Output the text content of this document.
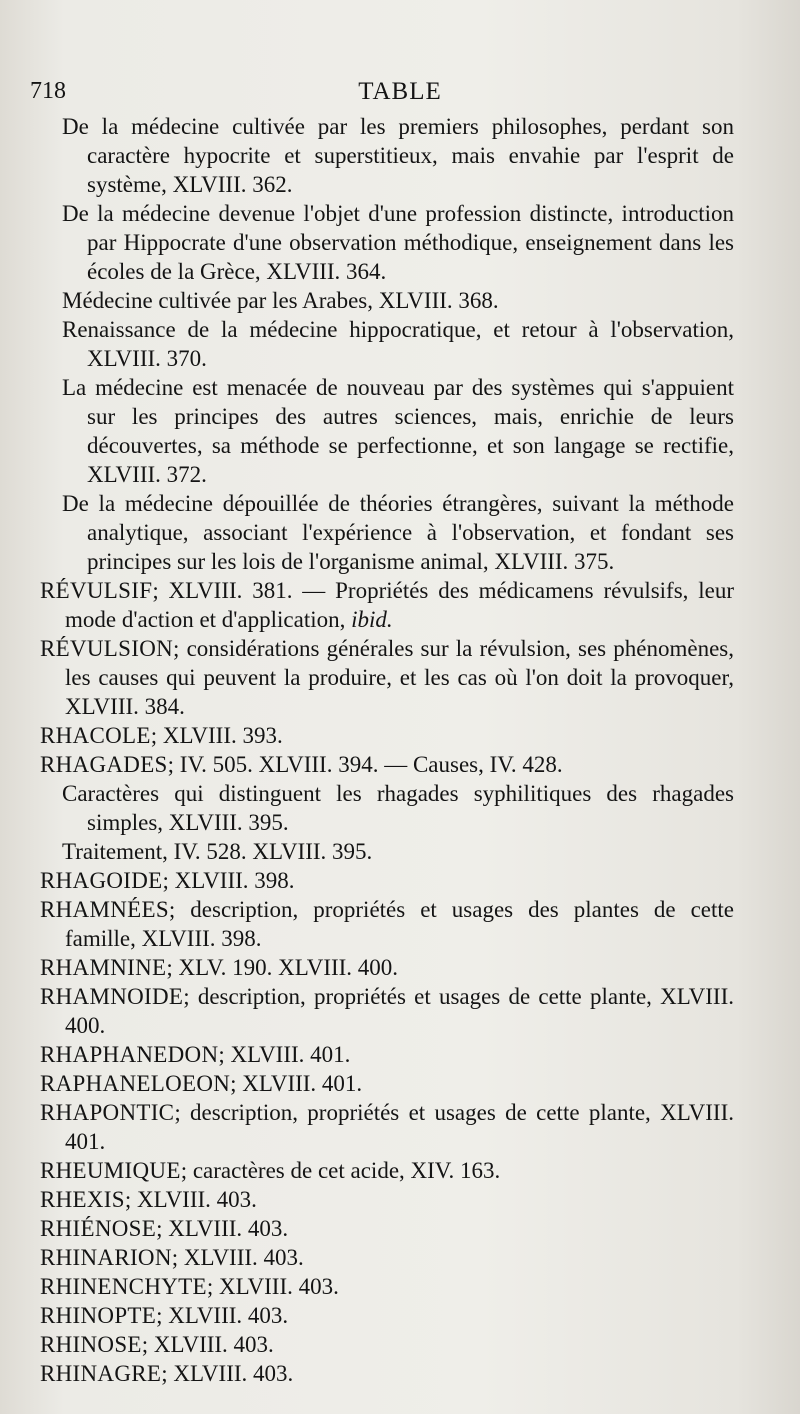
718	TABLE

De la médecine cultivée par les premiers philosophes, perdant son caractère hypocrite et superstitieux, mais envahie par l'esprit de système, XLVIII. 362.

De la médecine devenue l'objet d'une profession distincte, introduction par Hippocrate d'une observation méthodique, enseignement dans les écoles de la Grèce, XLVIII. 364.

Médecine cultivée par les Arabes, XLVIII. 368.

Renaissance de la médecine hippocratique, et retour à l'observation, XLVIII. 370.

La médecine est menacée de nouveau par des systèmes qui s'appuient sur les principes des autres sciences, mais, enrichie de leurs découvertes, sa méthode se perfectionne, et son langage se rectifie, XLVIII. 372.

De la médecine dépouillée de théories étrangères, suivant la méthode analytique, associant l'expérience à l'observation, et fondant ses principes sur les lois de l'organisme animal, XLVIII. 375.

RÉVULSIF; XLVIII. 381. — Propriétés des médicamens révulsifs, leur mode d'action et d'application, ibid.

RÉVULSION; considérations générales sur la révulsion, ses phénomènes, les causes qui peuvent la produire, et les cas où l'on doit la provoquer, XLVIII. 384.

RHACOLE; XLVIII. 393.

RHAGADES; IV. 505. XLVIII. 394. — Causes, IV. 428.

Caractères qui distinguent les rhagades syphilitiques des rhagades simples, XLVIII. 395.

Traitement, IV. 528. XLVIII. 395.

RHAGOIDE; XLVIII. 398.

RHAMNÉES; description, propriétés et usages des plantes de cette famille, XLVIII. 398.

RHAMNINE; XLV. 190. XLVIII. 400.

RHAMNOIDE; description, propriétés et usages de cette plante, XLVIII. 400.

RHAPHANEDON; XLVIII. 401.

RAPHANELOEON; XLVIII. 401.

RHAPONTIC; description, propriétés et usages de cette plante, XLVIII. 401.

RHEUMIQUE; caractères de cet acide, XIV. 163.

RHEXIS; XLVIII. 403.

RHIÉNOSE; XLVIII. 403.

RHINARION; XLVIII. 403.

RHINENCHYTE; XLVIII. 403.

RHINOPTE; XLVIII. 403.

RHINOSE; XLVIII. 403.

RHINAGRE; XLVIII. 403.
